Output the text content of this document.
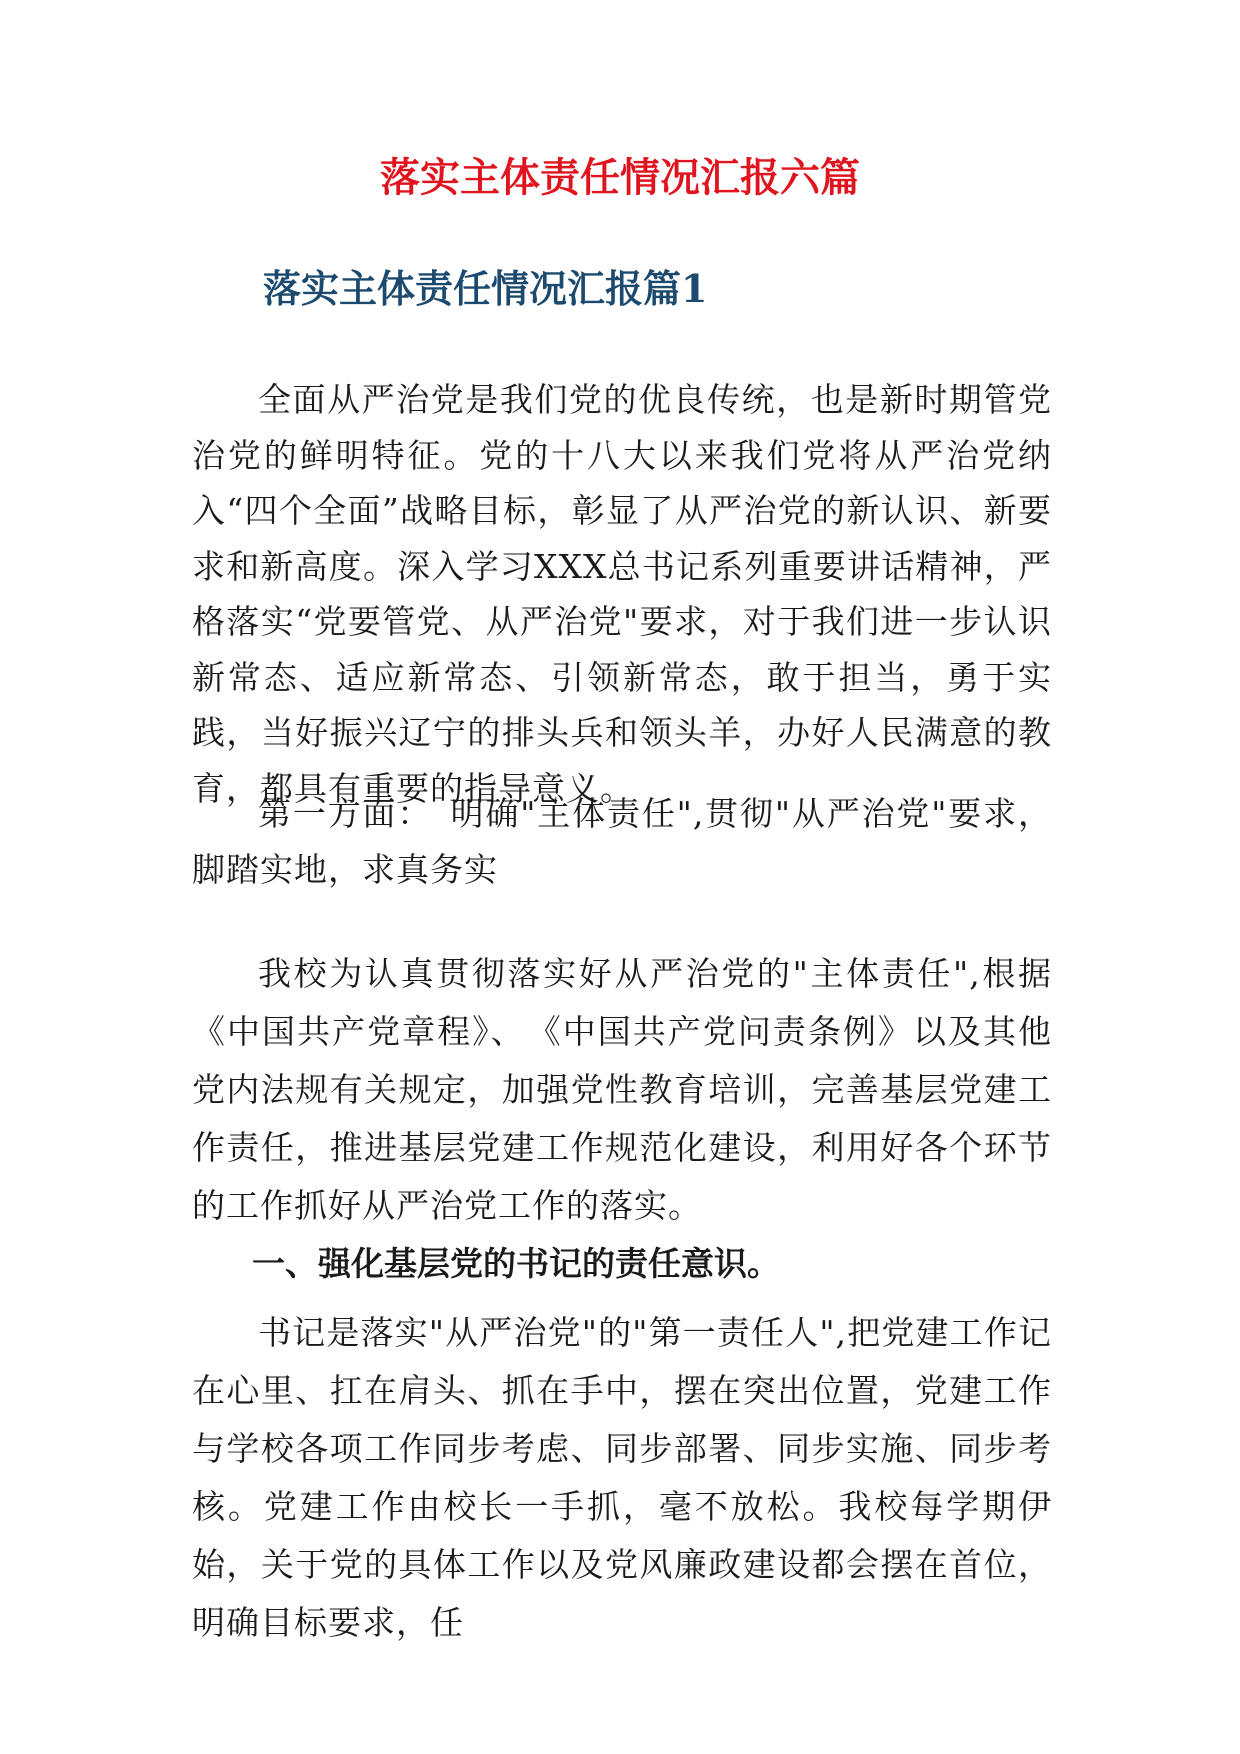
落实主体责任情况汇报六篇
落实主体责任情况汇报篇1

全面从严治党是我们党的优良传统，也是新时期管党治党的鲜明特征。党的十八大以来我们党将从严治党纳入“四个全面”战略目标，彰显了从严治党的新认识、新要求和新高度。深入学习XXX总书记系列重要讲话精神，严格落实“党要管党、从严治党"要求，对于我们进一步认识新常态、适应新常态、引领新常态，敢于担当，勇于实践，当好振兴辽宁的排头兵和领头羊，办好人民满意的教育，都具有重要的指导意义。

第一方面：　明确"主体责任",贯彻"从严治党"要求，脚踏实地，求真务实

我校为认真贯彻落实好从严治党的"主体责任",根据《中国共产党章程》、　《中国共产党问责条例》以及其他党内法规有关规定，加强党性教育培训，完善基层党建工作责任，推进基层党建工作规范化建设，利用好各个环节的工作抓好从严治党工作的落实。

一、强化基层党的书记的责任意识。

书记是落实"从严治党"的"第一责任人",把党建工作记在心里、扛在肩头、抓在手中，摆在突出位置，党建工作与学校各项工作同步考虑、同步部署、同步实施、同步考核。党建工作由校长一手抓，毫不放松。我校每学期伊始，关于党的具体工作以及党风廉政建设都会摆在首位，明确目标要求，任
